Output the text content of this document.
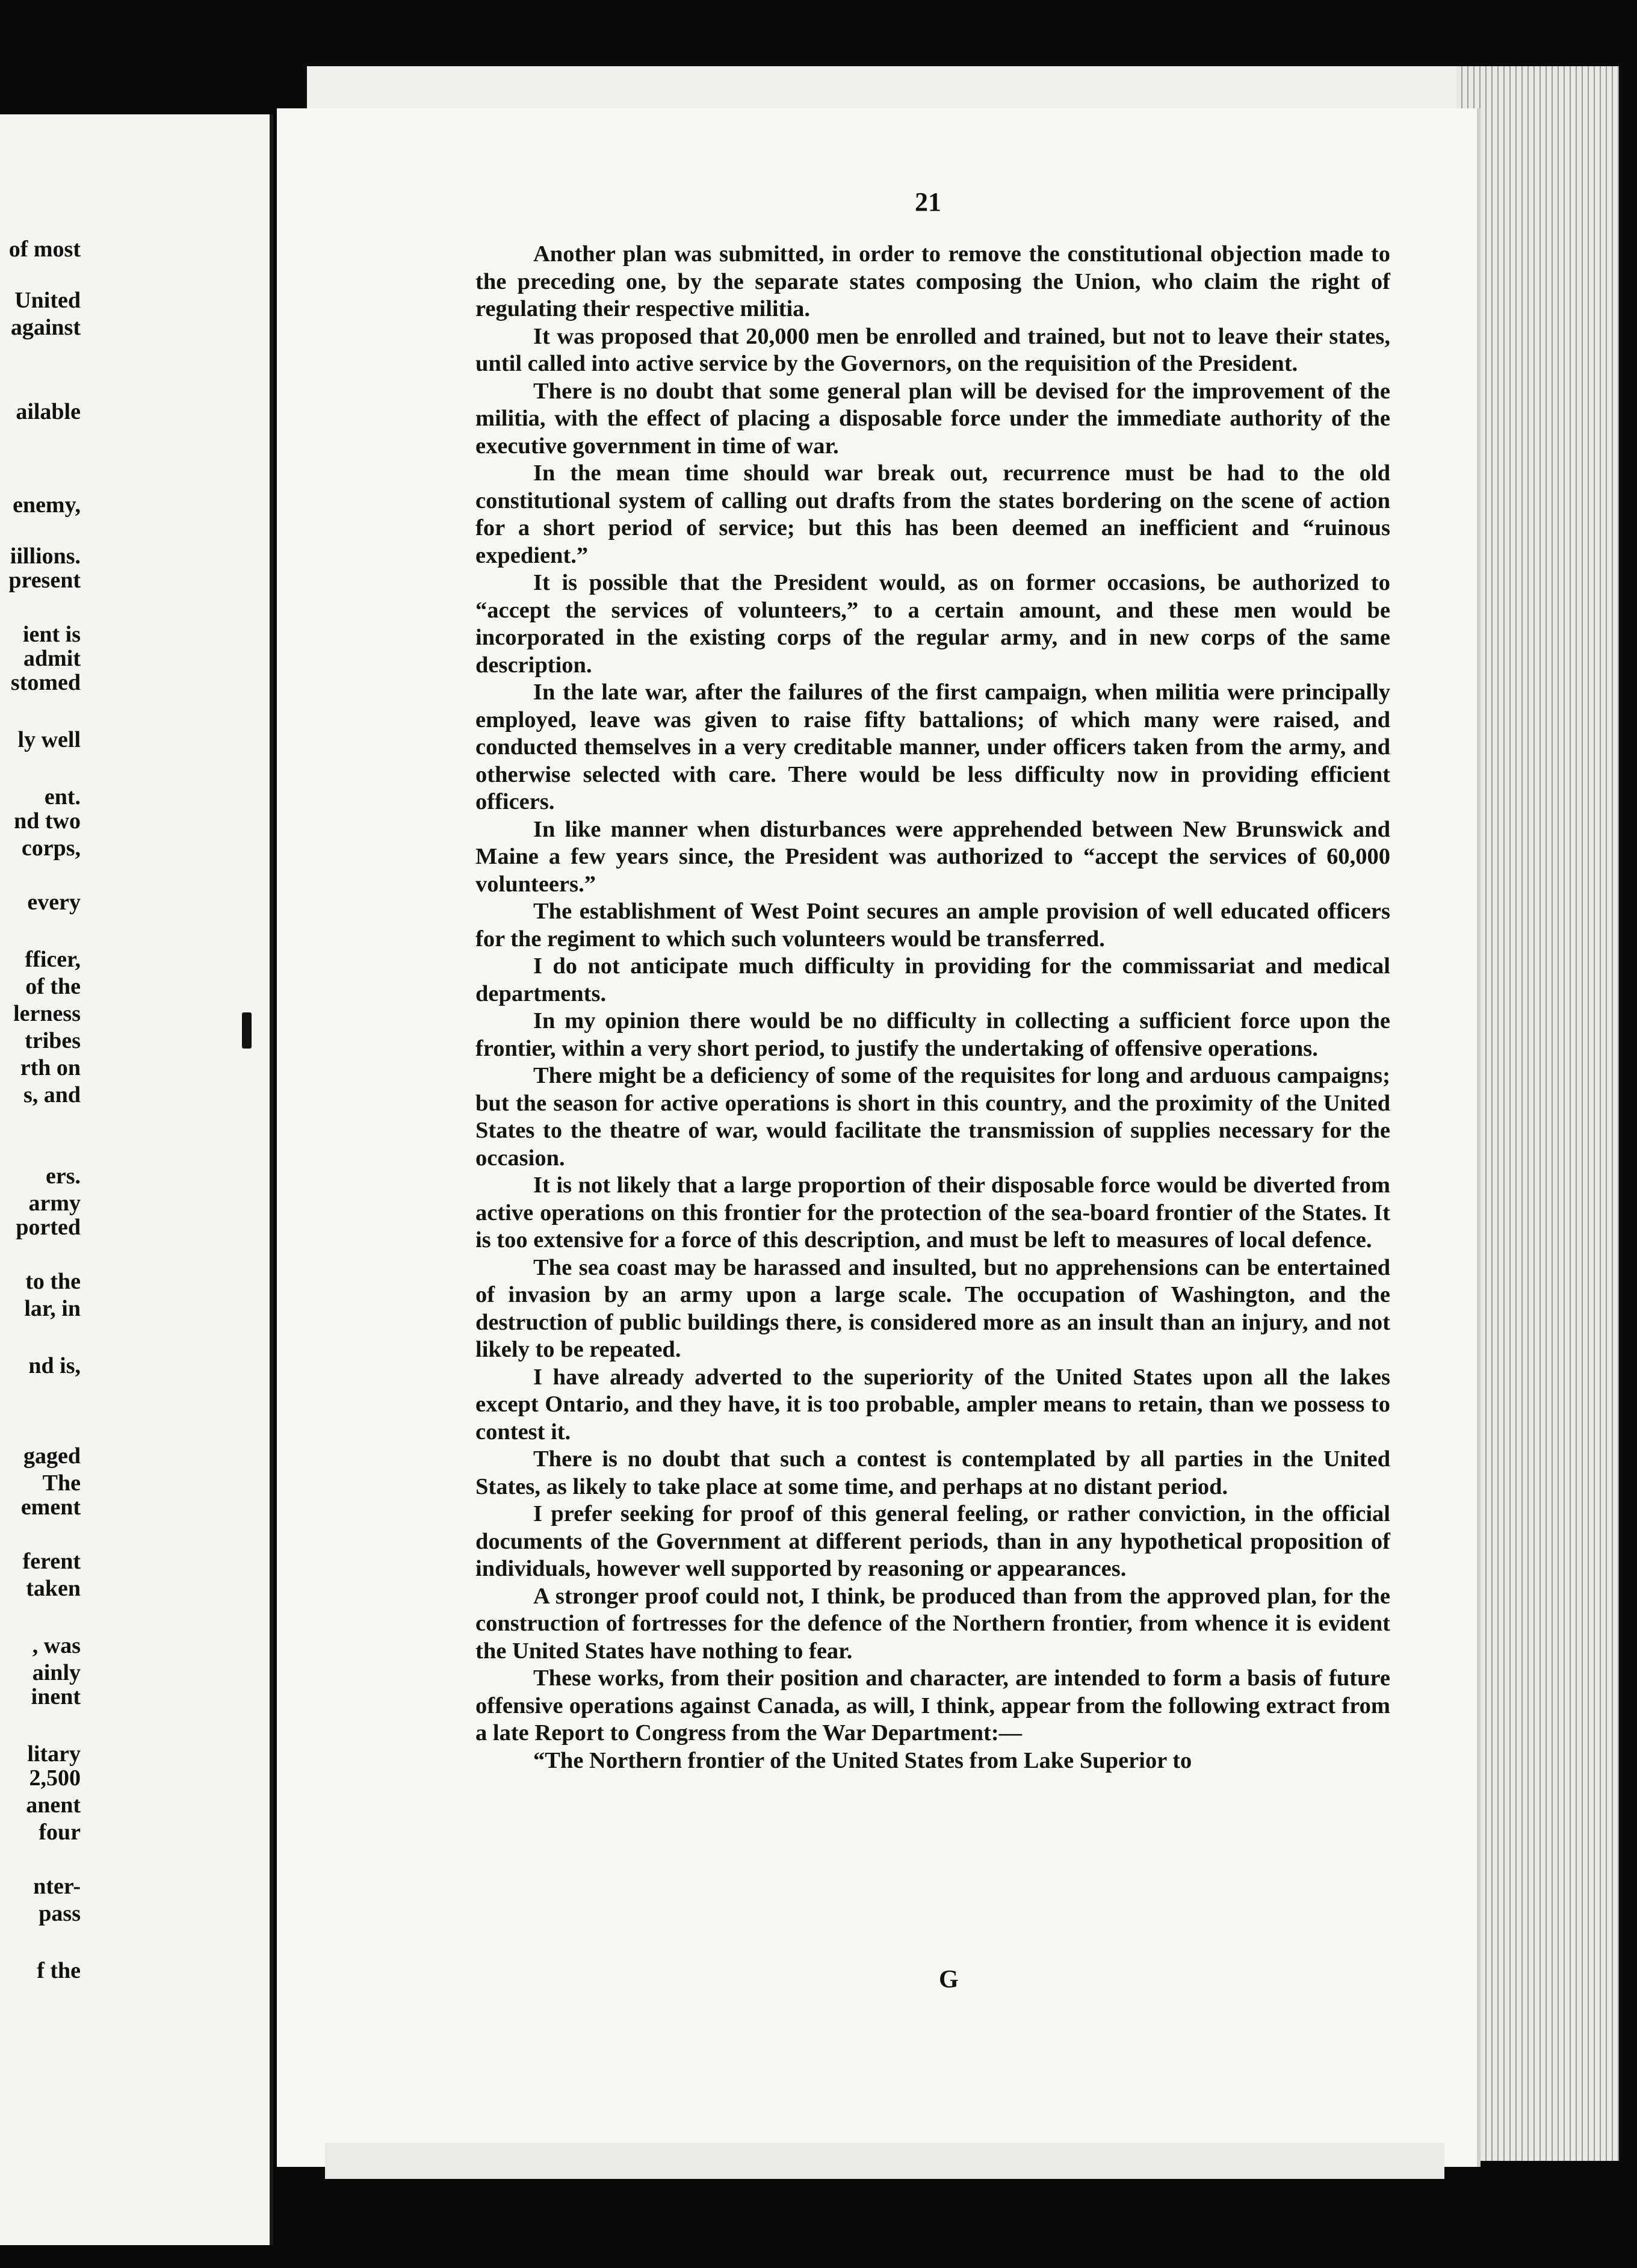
of most
United
against
ailable
enemy,
iillions.
present
ient is
admit
stomed
ly well
ent.
nd two
corps,
every
fficer,
of the
lerness
tribes
rth on
s, and
ers.
army
ported
to the
lar, in
nd is,
gaged
The
ement
ferent
taken
, was
ainly
inent
litary
2,500
anent
four
nter-
pass
f the
21

Another plan was submitted, in order to remove the constitutional objection made to the preceding one, by the separate states composing the Union, who claim the right of regulating their respective militia.

It was proposed that 20,000 men be enrolled and trained, but not to leave their states, until called into active service by the Governors, on the requisition of the President.

There is no doubt that some general plan will be devised for the improvement of the militia, with the effect of placing a disposable force under the immediate authority of the executive government in time of war.

In the mean time should war break out, recurrence must be had to the old constitutional system of calling out drafts from the states bordering on the scene of action for a short period of service; but this has been deemed an inefficient and “ruinous expedient.”

It is possible that the President would, as on former occasions, be authorized to “accept the services of volunteers,” to a certain amount, and these men would be incorporated in the existing corps of the regular army, and in new corps of the same description.

In the late war, after the failures of the first campaign, when militia were principally employed, leave was given to raise fifty battalions; of which many were raised, and conducted themselves in a very creditable manner, under officers taken from the army, and otherwise selected with care. There would be less difficulty now in providing efficient officers.

In like manner when disturbances were apprehended between New Brunswick and Maine a few years since, the President was authorized to “accept the services of 60,000 volunteers.”

The establishment of West Point secures an ample provision of well educated officers for the regiment to which such volunteers would be transferred.

I do not anticipate much difficulty in providing for the commissariat and medical departments.

In my opinion there would be no difficulty in collecting a sufficient force upon the frontier, within a very short period, to justify the undertaking of offensive operations.

There might be a deficiency of some of the requisites for long and arduous campaigns; but the season for active operations is short in this country, and the proximity of the United States to the theatre of war, would facilitate the transmission of supplies necessary for the occasion.

It is not likely that a large proportion of their disposable force would be diverted from active operations on this frontier for the protection of the sea-board frontier of the States. It is too extensive for a force of this description, and must be left to measures of local defence.

The sea coast may be harassed and insulted, but no apprehensions can be entertained of invasion by an army upon a large scale. The occupation of Washington, and the destruction of public buildings there, is considered more as an insult than an injury, and not likely to be repeated.

I have already adverted to the superiority of the United States upon all the lakes except Ontario, and they have, it is too probable, ampler means to retain, than we possess to contest it.

There is no doubt that such a contest is contemplated by all parties in the United States, as likely to take place at some time, and perhaps at no distant period.

I prefer seeking for proof of this general feeling, or rather conviction, in the official documents of the Government at different periods, than in any hypothetical proposition of individuals, however well supported by reasoning or appearances.

A stronger proof could not, I think, be produced than from the approved plan, for the construction of fortresses for the defence of the Northern frontier, from whence it is evident the United States have nothing to fear.

These works, from their position and character, are intended to form a basis of future offensive operations against Canada, as will, I think, appear from the following extract from a late Report to Congress from the War Department:—

“The Northern frontier of the United States from Lake Superior to

G
